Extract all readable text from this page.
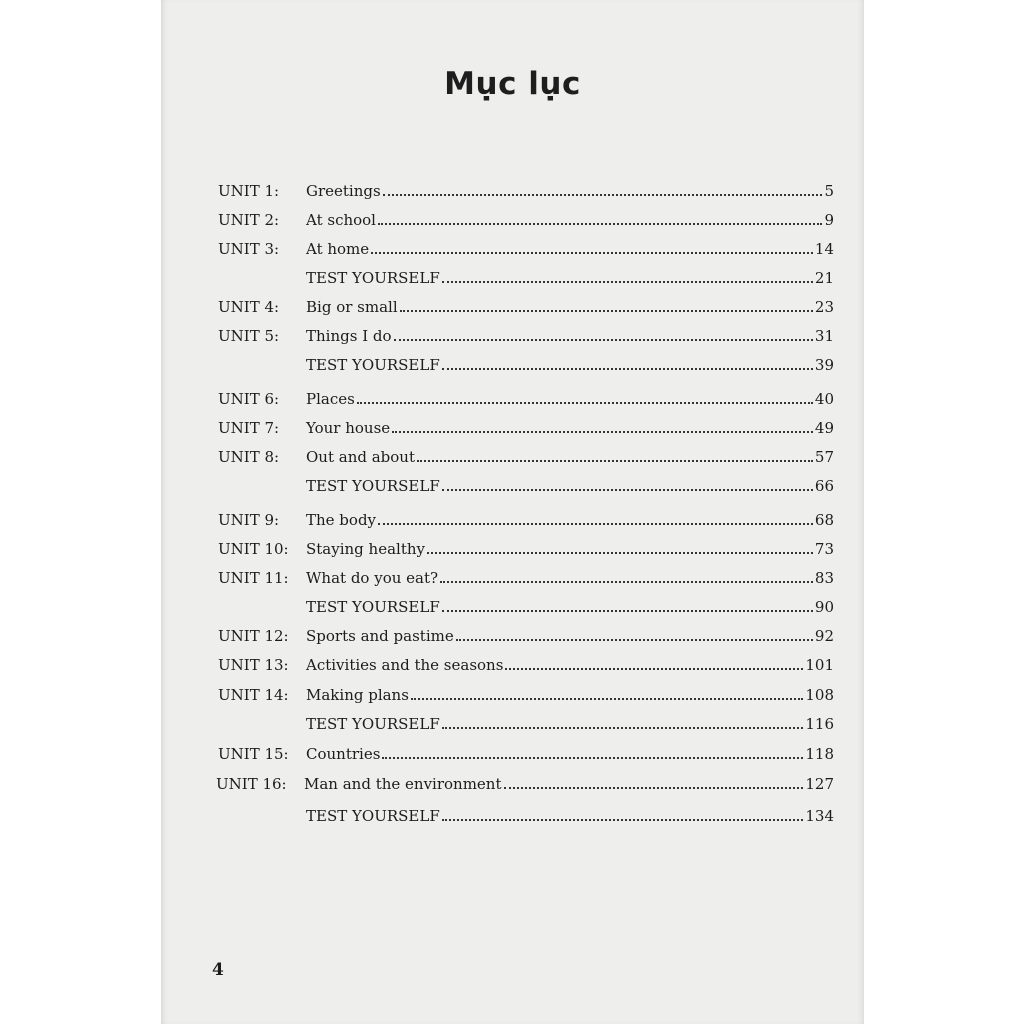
Mục lục
UNIT 1:	Greetings	5
UNIT 2:	At school	9
UNIT 3:	At home	14
TEST YOURSELF	21
UNIT 4:	Big or small	23
UNIT 5:	Things I do	31
TEST YOURSELF	39
UNIT 6:	Places	40
UNIT 7:	Your house	49
UNIT 8:	Out and about	57
TEST YOURSELF	66
UNIT 9:	The body	68
UNIT 10:	Staying healthy	73
UNIT 11:	What do you eat?	83
TEST YOURSELF	90
UNIT 12:	Sports and pastime	92
UNIT 13:	Activities and the seasons	101
UNIT 14:	Making plans	108
TEST YOURSELF	116
UNIT 15:	Countries	118
UNIT 16:	Man and the environment	127
TEST YOURSELF	134
4
